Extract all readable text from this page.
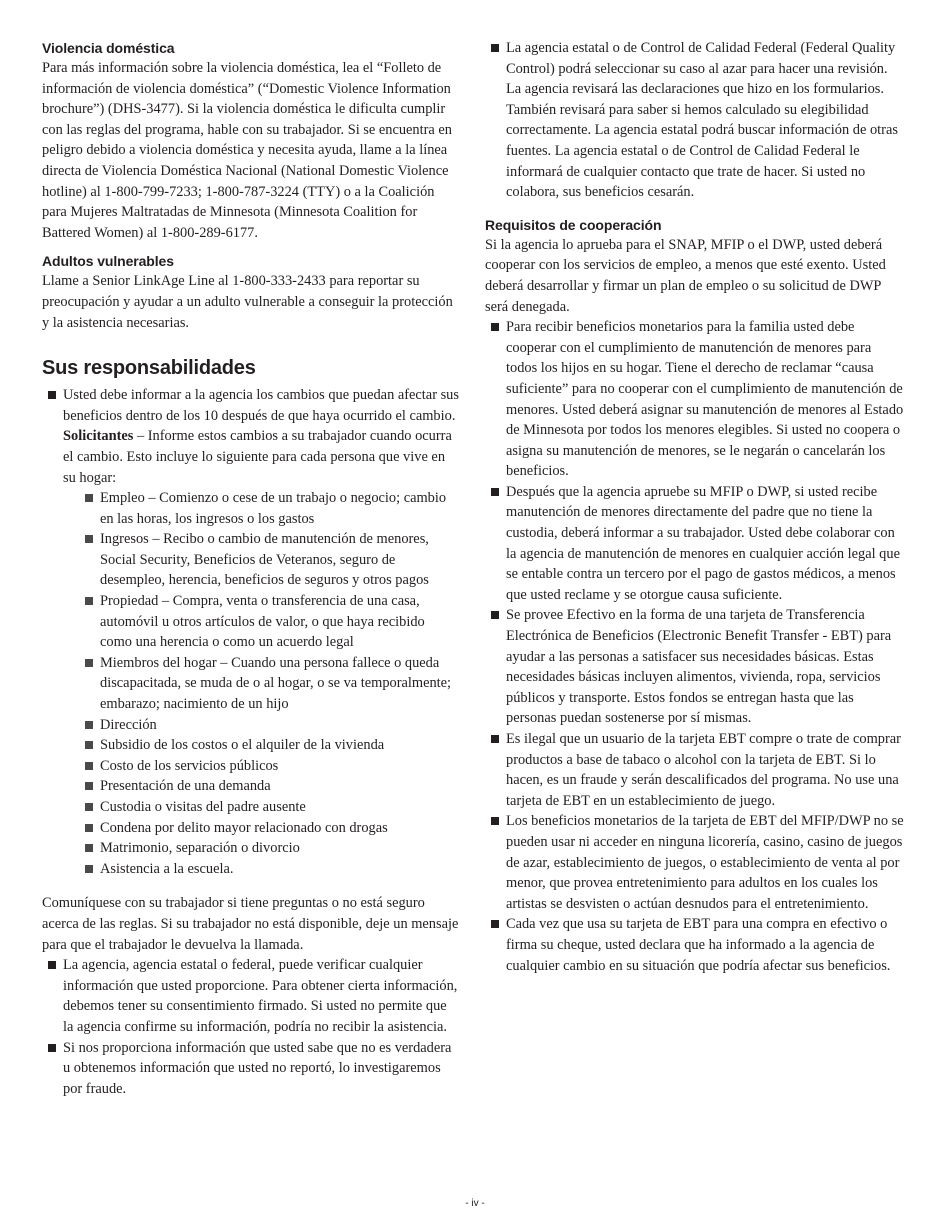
Violencia doméstica

Para más información sobre la violencia doméstica, lea el “Folleto de información de violencia doméstica” (“Domestic Violence Information brochure”) (DHS-3477). Si la violencia doméstica le dificulta cumplir con las reglas del programa, hable con su trabajador. Si se encuentra en peligro debido a violencia doméstica y necesita ayuda, llame a la línea directa de Violencia Doméstica Nacional (National Domestic Violence hotline) al 1-800-799-7233; 1-800-787-3224 (TTY) o a la Coalición para Mujeres Maltratadas de Minnesota (Minnesota Coalition for Battered Women) al 1-800-289-6177.

Adultos vulnerables

Llame a Senior LinkAge Line al 1-800-333-2433 para reportar su preocupación y ayudar a un adulto vulnerable a conseguir la protección y la asistencia necesarias.

Sus responsabilidades
Usted debe informar a la agencia los cambios que puedan afectar sus beneficios dentro de los 10 después de que haya ocurrido el cambio. Solicitantes – Informe estos cambios a su trabajador cuando ocurra el cambio. Esto incluye lo siguiente para cada persona que vive en su hogar:
Empleo – Comienzo o cese de un trabajo o negocio; cambio en las horas, los ingresos o los gastos
Ingresos – Recibo o cambio de manutención de menores, Social Security, Beneficios de Veteranos, seguro de desempleo, herencia, beneficios de seguros y otros pagos
Propiedad – Compra, venta o transferencia de una casa, automóvil u otros artículos de valor, o que haya recibido como una herencia o como un acuerdo legal
Miembros del hogar – Cuando una persona fallece o queda discapacitada, se muda de o al hogar, o se va temporalmente; embarazo; nacimiento de un hijo
Dirección
Subsidio de los costos o el alquiler de la vivienda
Costo de los servicios públicos
Presentación de una demanda
Custodia o visitas del padre ausente
Condena por delito mayor relacionado con drogas
Matrimonio, separación o divorcio
Asistencia a la escuela.

Comuníquese con su trabajador si tiene preguntas o no está seguro acerca de las reglas. Si su trabajador no está disponible, deje un mensaje para que el trabajador le devuelva la llamada.

La agencia, agencia estatal o federal, puede verificar cualquier información que usted proporcione. Para obtener cierta información, debemos tener su consentimiento firmado. Si usted no permite que la agencia confirme su información, podría no recibir la asistencia.
Si nos proporciona información que usted sabe que no es verdadera u obtenemos información que usted no reportó, lo investigaremos por fraude.
La agencia estatal o de Control de Calidad Federal (Federal Quality Control) podrá seleccionar su caso al azar para hacer una revisión. La agencia revisará las declaraciones que hizo en los formularios. También revisará para saber si hemos calculado su elegibilidad correctamente. La agencia estatal podrá buscar información de otras fuentes. La agencia estatal o de Control de Calidad Federal le informará de cualquier contacto que trate de hacer. Si usted no colabora, sus beneficios cesarán.
Requisitos de cooperación

Si la agencia lo aprueba para el SNAP, MFIP o el DWP, usted deberá cooperar con los servicios de empleo, a menos que esté exento. Usted deberá desarrollar y firmar un plan de empleo o su solicitud de DWP será denegada.

Para recibir beneficios monetarios para la familia usted debe cooperar con el cumplimiento de manutención de menores para todos los hijos en su hogar. Tiene el derecho de reclamar “causa suficiente” para no cooperar con el cumplimiento de manutención de menores. Usted deberá asignar su manutención de menores al Estado de Minnesota por todos los menores elegibles. Si usted no coopera o asigna su manutención de menores, se le negarán o cancelarán los beneficios.
Después que la agencia apruebe su MFIP o DWP, si usted recibe manutención de menores directamente del padre que no tiene la custodia, deberá informar a su trabajador. Usted debe colaborar con la agencia de manutención de menores en cualquier acción legal que se entable contra un tercero por el pago de gastos médicos, a menos que usted reclame y se otorgue causa suficiente.
Se provee Efectivo en la forma de una tarjeta de Transferencia Electrónica de Beneficios (Electronic Benefit Transfer - EBT) para ayudar a las personas a satisfacer sus necesidades básicas. Estas necesidades básicas incluyen alimentos, vivienda, ropa, servicios públicos y transporte. Estos fondos se entregan hasta que las personas puedan sostenerse por sí mismas.
Es ilegal que un usuario de la tarjeta EBT compre o trate de comprar productos a base de tabaco o alcohol con la tarjeta de EBT. Si lo hacen, es un fraude y serán descalificados del programa. No use una tarjeta de EBT en un establecimiento de juego.
Los beneficios monetarios de la tarjeta de EBT del MFIP/DWP no se pueden usar ni acceder en ninguna licorería, casino, casino de juegos de azar, establecimiento de juegos, o establecimiento de venta al por menor, que provea entretenimiento para adultos en los cuales los artistas se desvisten o actúan desnudos para el entretenimiento.
Cada vez que usa su tarjeta de EBT para una compra en efectivo o firma su cheque, usted declara que ha informado a la agencia de cualquier cambio en su situación que podría afectar sus beneficios.
- iv -
